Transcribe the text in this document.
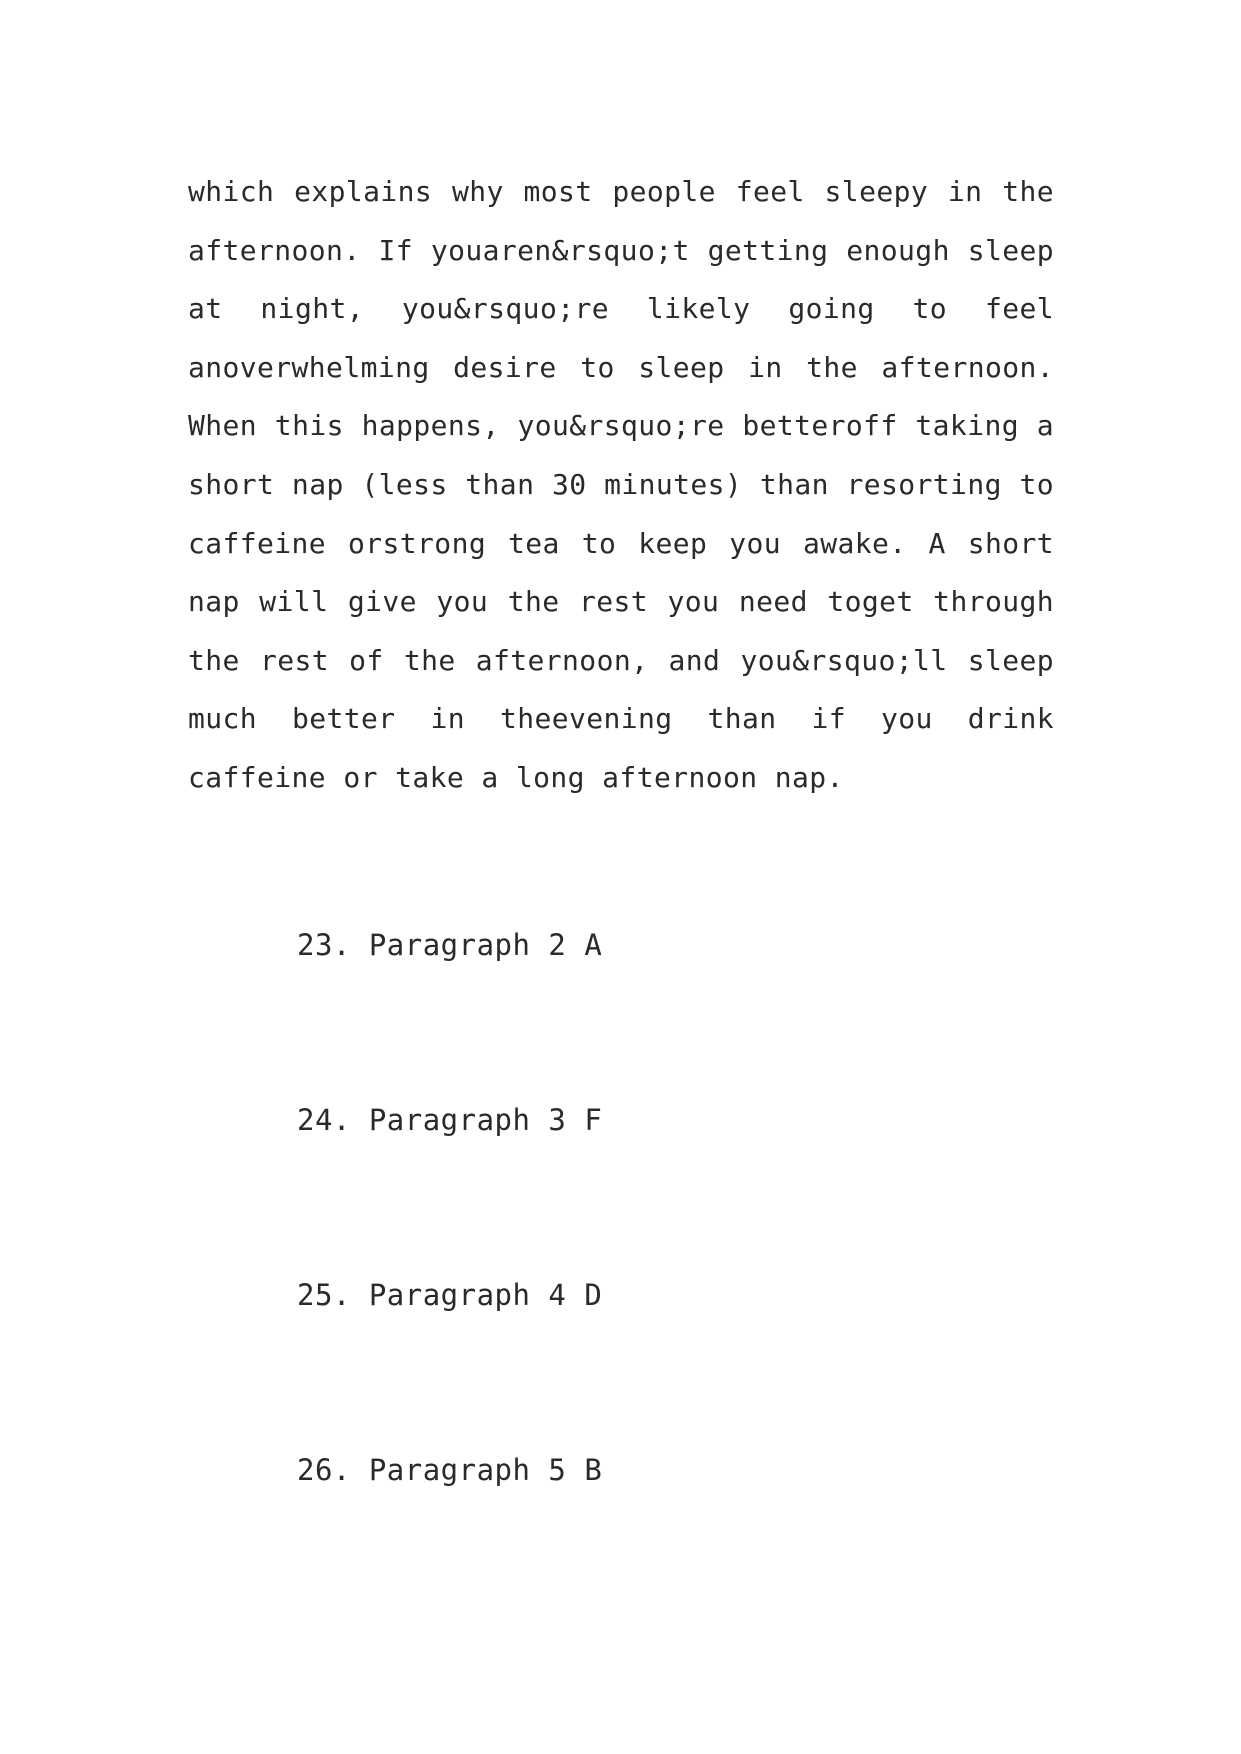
which explains why most people feel sleepy in the
afternoon. If youaren&rsquo;t getting enough sleep
at night, you&rsquo;re likely going to feel
anoverwhelming desire to sleep in the afternoon.
When this happens, you&rsquo;re betteroff taking a
short nap (less than 30 minutes) than resorting to
caffeine orstrong tea to keep you awake. A short
nap will give you the rest you need toget through
the rest of the afternoon, and you&rsquo;ll sleep
much better in theevening than if you drink
caffeine or take a long afternoon nap.
23. Paragraph 2 A
24. Paragraph 3 F
25. Paragraph 4 D
26. Paragraph 5 B
